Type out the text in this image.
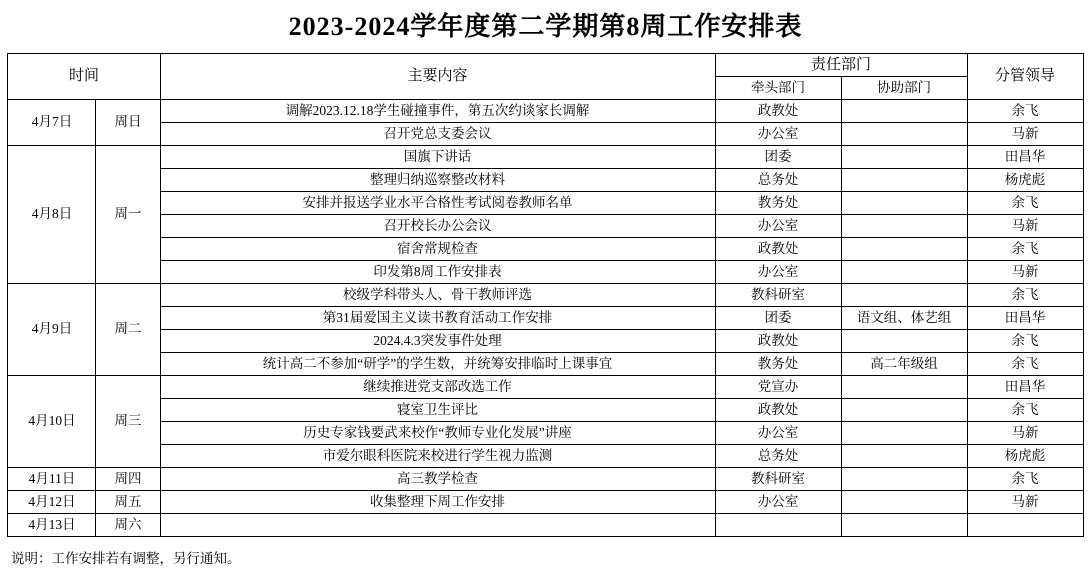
2023-2024学年度第二学期第8周工作安排表
时间		主要内容	责任部门		分管领导
			牵头部门	协助部门	
4月7日	周日	调解2023.12.18学生碰撞事件，第五次约谈家长调解	政教处		余飞
		召开党总支委会议	办公室		马新
4月8日	周一	国旗下讲话	团委		田昌华
		整理归纳巡察整改材料	总务处		杨虎彪
		安排并报送学业水平合格性考试阅卷教师名单	教务处		余飞
		召开校长办公会议	办公室		马新
		宿舍常规检查	政教处		余飞
		印发第8周工作安排表	办公室		马新
4月9日	周二	校级学科带头人、骨干教师评选	教科研室		余飞
		第31届爱国主义读书教育活动工作安排	团委	语文组、体艺组	田昌华
		2024.4.3突发事件处理	政教处		余飞
		统计高二不参加“研学”的学生数，并统筹安排临时上课事宜	教务处	高二年级组	余飞
4月10日	周三	继续推进党支部改选工作	党宣办		田昌华
		寝室卫生评比	政教处		余飞
		历史专家钱要武来校作“教师专业化发展”讲座	办公室		马新
		市爱尔眼科医院来校进行学生视力监测	总务处		杨虎彪
4月11日	周四	高三教学检查	教科研室		余飞
4月12日	周五	收集整理下周工作安排	办公室		马新
4月13日	周六				
说明：工作安排若有调整，另行通知。
